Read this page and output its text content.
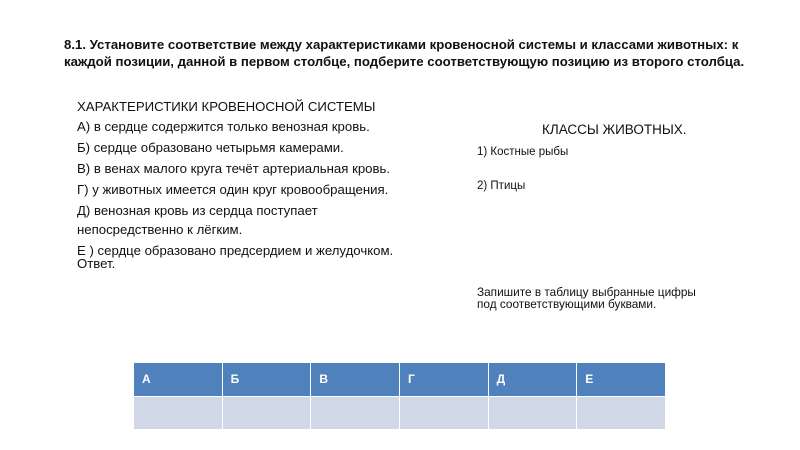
8.1. Установите соответствие между характеристиками кровеносной системы и классами животных: к каждой позиции, данной в первом столбце, подберите соответствующую позицию из второго столбца.
ХАРАКТЕРИСТИКИ КРОВЕНОСНОЙ СИСТЕМЫ
А) в сердце содержится только венозная кровь.
Б) сердце образовано четырьмя камерами.
В) в венах малого круга течёт артериальная кровь.
Г) у животных имеется один круг кровообращения.
Д) венозная кровь из сердца поступает
непосредственно к лёгким.
Е ) сердце образовано предсердием и желудочком. Ответ.
КЛАССЫ ЖИВОТНЫХ.
1) Костные рыбы
2) Птицы
Запишите в таблицу выбранные цифры под соответствующими буквами.
А	Б	В	Г	Д	Е
